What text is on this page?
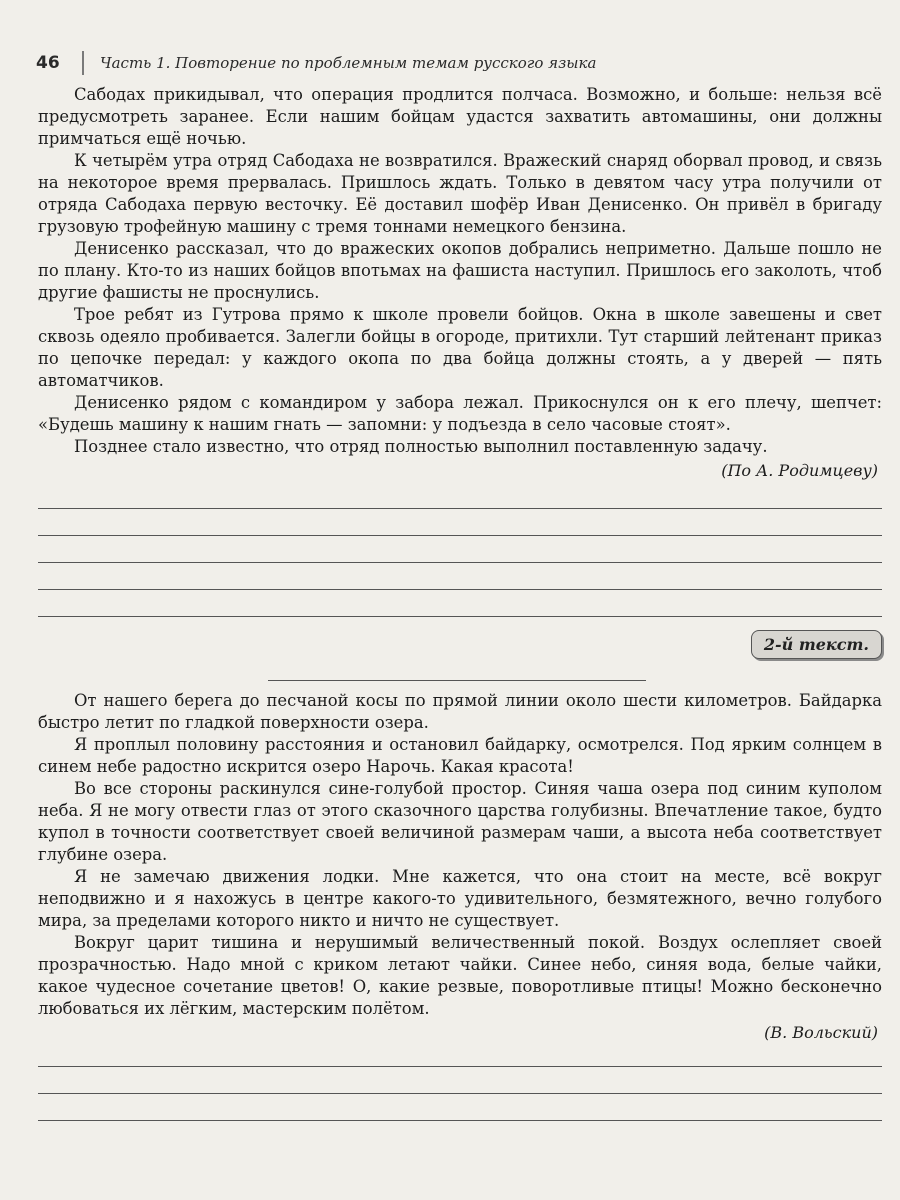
46	Часть 1. Повторение по проблемным темам русского языка

Сабодах прикидывал, что операция продлится полчаса. Возможно, и больше: нельзя всё предусмотреть заранее. Если нашим бойцам удастся захватить автомашины, они должны примчаться ещё ночью.

К четырём утра отряд Сабодаха не возвратился. Вражеский снаряд оборвал провод, и связь на некоторое время прервалась. Пришлось ждать. Только в девятом часу утра получили от отряда Сабодаха первую весточку. Её доставил шофёр Иван Денисенко. Он привёл в бригаду грузовую трофейную машину с тремя тоннами немецкого бензина.

Денисенко рассказал, что до вражеских окопов добрались неприметно. Дальше пошло не по плану. Кто-то из наших бойцов впотьмах на фашиста наступил. Пришлось его заколоть, чтоб другие фашисты не проснулись.

Трое ребят из Гутрова прямо к школе провели бойцов. Окна в школе завешены и свет сквозь одеяло пробивается. Залегли бойцы в огороде, притихли. Тут старший лейтенант приказ по цепочке передал: у каждого окопа по два бойца должны стоять, а у дверей — пять автоматчиков.

Денисенко рядом с командиром у забора лежал. Прикоснулся он к его плечу, шепчет: «Будешь машину к нашим гнать — запомни: у подъезда в село часовые стоят».

Позднее стало известно, что отряд полностью выполнил поставленную задачу.

(По А. Родимцеву)
2-й текст.

От нашего берега до песчаной косы по прямой линии около шести километров. Байдарка быстро летит по гладкой поверхности озера.

Я проплыл половину расстояния и остановил байдарку, осмотрелся. Под ярким солнцем в синем небе радостно искрится озеро Нарочь. Какая красота!

Во все стороны раскинулся сине-голубой простор. Синяя чаша озера под синим куполом неба. Я не могу отвести глаз от этого сказочного царства голубизны. Впечатление такое, будто купол в точности соответствует своей величиной размерам чаши, а высота неба соответствует глубине озера.

Я не замечаю движения лодки. Мне кажется, что она стоит на месте, всё вокруг неподвижно и я нахожусь в центре какого-то удивительного, безмятежного, вечно голубого мира, за пределами которого никто и ничто не существует.

Вокруг царит тишина и нерушимый величественный покой. Воздух ослепляет своей прозрачностью. Надо мной с криком летают чайки. Синее небо, синяя вода, белые чайки, какое чудесное сочетание цветов! О, какие резвые, поворотливые птицы! Можно бесконечно любоваться их лёгким, мастерским полётом.

(В. Вольский)
